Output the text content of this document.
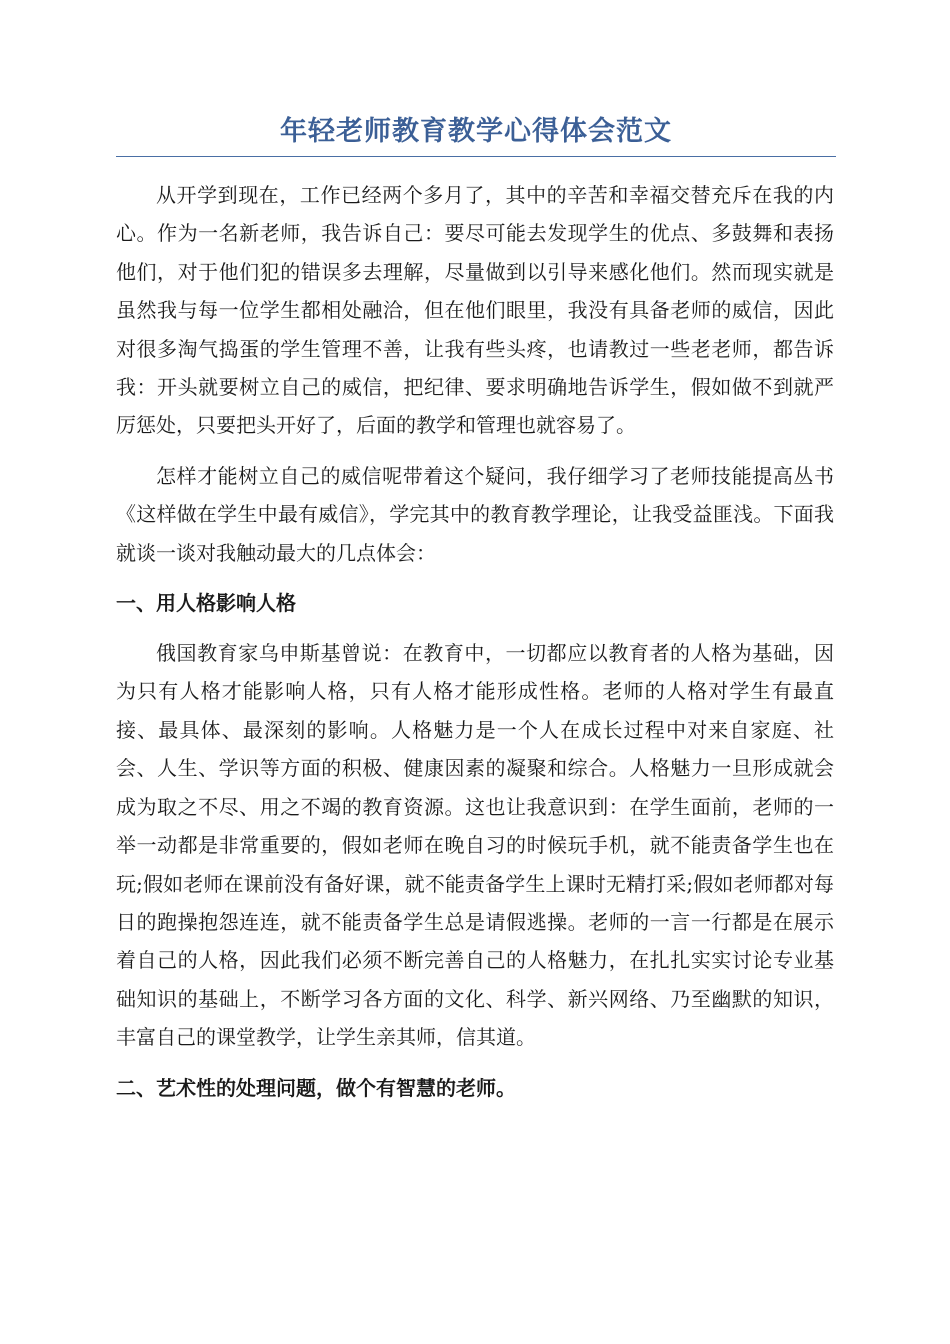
年轻老师教育教学心得体会范文

从开学到现在，工作已经两个多月了，其中的辛苦和幸福交替充斥在我的内心。作为一名新老师，我告诉自己：要尽可能去发现学生的优点、多鼓舞和表扬他们，对于他们犯的错误多去理解，尽量做到以引导来感化他们。然而现实就是虽然我与每一位学生都相处融洽，但在他们眼里，我没有具备老师的威信，因此对很多淘气捣蛋的学生管理不善，让我有些头疼，也请教过一些老老师，都告诉我：开头就要树立自己的威信，把纪律、要求明确地告诉学生，假如做不到就严厉惩处，只要把头开好了，后面的教学和管理也就容易了。

怎样才能树立自己的威信呢带着这个疑问，我仔细学习了老师技能提高丛书《这样做在学生中最有威信》，学完其中的教育教学理论，让我受益匪浅。下面我就谈一谈对我触动最大的几点体会：

一、用人格影响人格

俄国教育家乌申斯基曾说：在教育中，一切都应以教育者的人格为基础，因为只有人格才能影响人格，只有人格才能形成性格。老师的人格对学生有最直接、最具体、最深刻的影响。人格魅力是一个人在成长过程中对来自家庭、社会、人生、学识等方面的积极、健康因素的凝聚和综合。人格魅力一旦形成就会成为取之不尽、用之不竭的教育资源。这也让我意识到：在学生面前，老师的一举一动都是非常重要的，假如老师在晚自习的时候玩手机，就不能责备学生也在玩;假如老师在课前没有备好课，就不能责备学生上课时无精打采;假如老师都对每日的跑操抱怨连连，就不能责备学生总是请假逃操。老师的一言一行都是在展示着自己的人格，因此我们必须不断完善自己的人格魅力，在扎扎实实讨论专业基础知识的基础上，不断学习各方面的文化、科学、新兴网络、乃至幽默的知识，丰富自己的课堂教学，让学生亲其师，信其道。

二、艺术性的处理问题，做个有智慧的老师。
